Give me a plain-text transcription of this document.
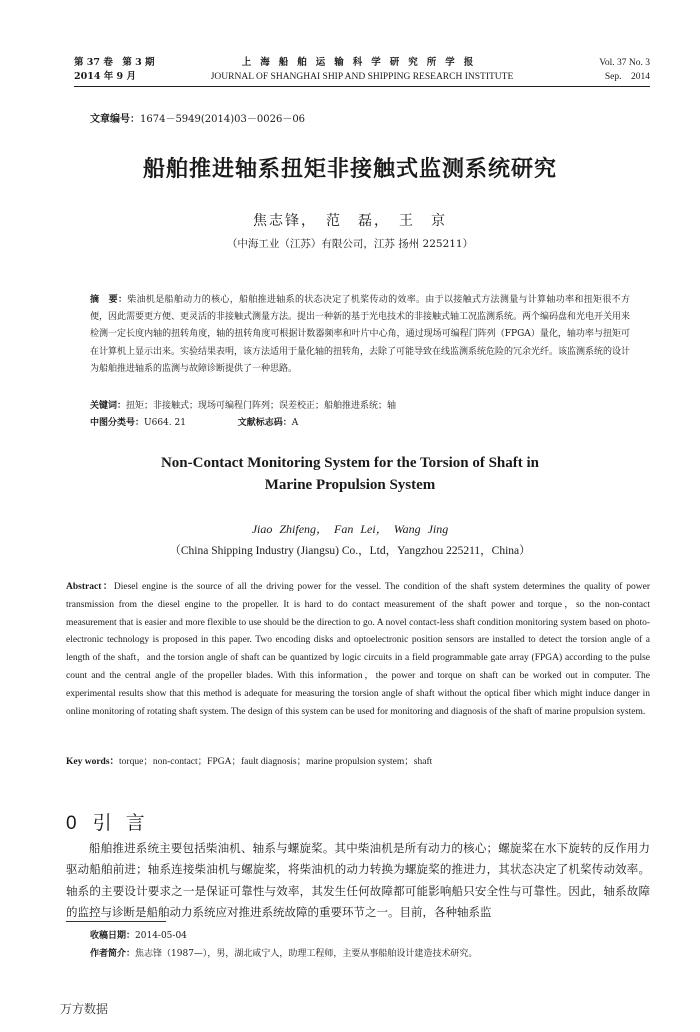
第 37 卷　第 3 期
2014 年 9 月
上海船舶运输科学研究所学报
JOURNAL OF SHANGHAI SHIP AND SHIPPING RESEARCH INSTITUTE
Vol. 37 No. 3
Sep.　2014
文章编号：1674－5949(2014)03－0026－06
船舶推进轴系扭矩非接触式监测系统研究
焦志锋，　范　磊，　王　京
（中海工业（江苏）有限公司，江苏 扬州 225211）
摘　要：柴油机是船舶动力的核心，船舶推进轴系的状态决定了机桨传动的效率。由于以接触式方法测量与计算轴功率和扭矩很不方便，因此需要更方便、更灵活的非接触式测量方法。提出一种新的基于光电技术的非接触式轴工况监测系统。两个编码盘和光电开关用来检测一定长度内轴的扭转角度，轴的扭转角度可根据计数器频率和叶片中心角，通过现场可编程门阵列（FPGA）量化，轴功率与扭矩可在计算机上显示出来。实验结果表明，该方法适用于量化轴的扭转角，去除了可能导致在线监测系统危险的冗余光纤。该监测系统的设计为船舶推进轴系的监测与故障诊断提供了一种思路。
关键词：扭矩；非接触式；现场可编程门阵列；误差校正；船舶推进系统；轴
中图分类号：U664. 21	文献标志码：A
Non-Contact Monitoring System for the Torsion of Shaft in
Marine Propulsion System
Jiao Zhifeng，　Fan Lei，　Wang Jing
（China Shipping Industry (Jiangsu) Co.，Ltd，Yangzhou 225211，China）
Abstract：Diesel engine is the source of all the driving power for the vessel. The condition of the shaft system determines the quality of power transmission from the diesel engine to the propeller. It is hard to do contact measurement of the shaft power and torque，so the non-contact measurement that is easier and more flexible to use should be the direction to go. A novel contact-less shaft condition monitoring system based on photo-electronic technology is proposed in this paper. Two encoding disks and optoelectronic position sensors are installed to detect the torsion angle of a length of the shaft，and the torsion angle of shaft can be quantized by logic circuits in a field programmable gate array (FPGA) according to the pulse count and the central angle of the propeller blades. With this information，the power and torque on shaft can be worked out in computer. The experimental results show that this method is adequate for measuring the torsion angle of shaft without the optical fiber which might induce danger in online monitoring of rotating shaft system. The design of this system can be used for monitoring and diagnosis of the shaft of marine propulsion system.
Key words：torque；non-contact；FPGA；fault diagnosis；marine propulsion system；shaft
0 引言
船舶推进系统主要包括柴油机、轴系与螺旋桨。其中柴油机是所有动力的核心；螺旋桨在水下旋转的反作用力驱动船舶前进；轴系连接柴油机与螺旋桨，将柴油机的动力转换为螺旋桨的推进力，其状态决定了机桨传动效率。轴系的主要设计要求之一是保证可靠性与效率，其发生任何故障都可能影响船只安全性与可靠性。因此，轴系故障的监控与诊断是船舶动力系统应对推进系统故障的重要环节之一。目前，各种轴系监
收稿日期：2014-05-04
作者简介：焦志锋（1987—），男，湖北咸宁人，助理工程师，主要从事船舶设计建造技术研究。
万方数据
